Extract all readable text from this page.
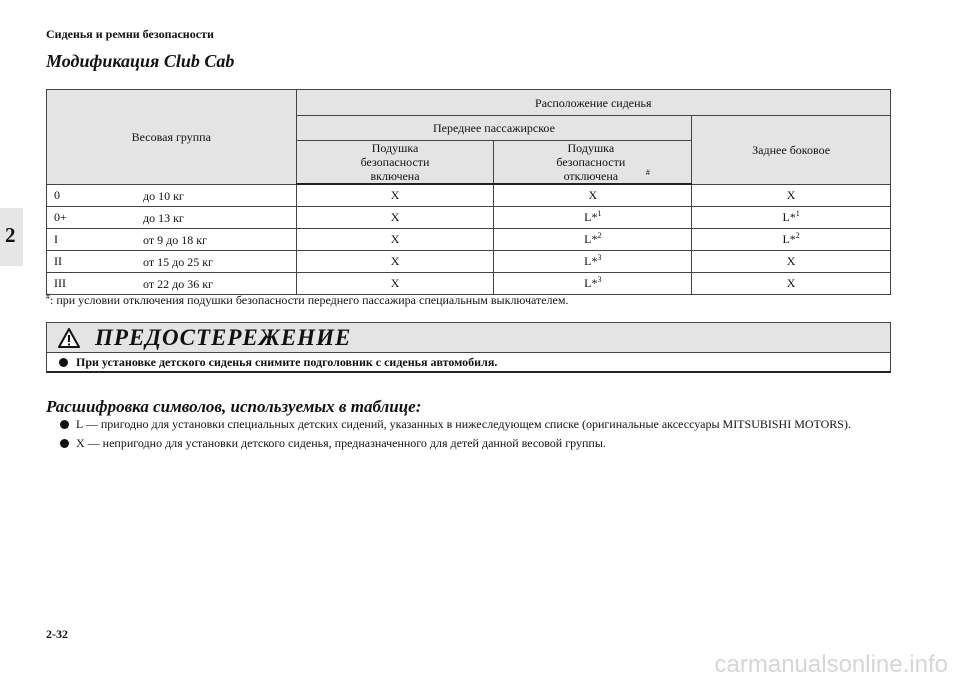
Сиденья и ремни безопасности
Модификация Club Cab
2
Весовая группа	Расположение сиденья		
	Переднее пассажирское		Заднее боковое
	Подушка безопасности включена	Подушка безопасности отключена #
0 до 10 кг	X	X	X
0+ до 13 кг	X	L*$^1$	L*$^1$
I от 9 до 18 кг	X	L*$^2$	L*$^2$
II от 15 до 25 кг	X	L*$^3$	X
III от 22 до 36 кг	X	L*$^3$	X
#: при условии отключения подушки безопасности переднего пассажира специальным выключателем.
ПРЕДОСТЕРЕЖЕНИЕ
При установке детского сиденья снимите подголовник с сиденья автомобиля.
Расшифровка символов, используемых в таблице:
L — пригодно для установки специальных детских сидений, указанных в нижеследующем списке (оригинальные аксессуары MITSUBISHI MOTORS).
X — непригодно для установки детского сиденья, предназначенного для детей данной весовой группы.
2-32
carmanualsonline.info
